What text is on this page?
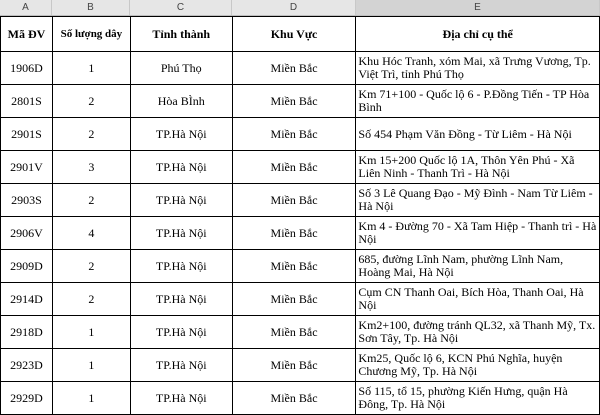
A	B	C	D	E
Mã ĐV	Số lượng dây	Tỉnh thành	Khu Vực	Địa chỉ cụ thể
1906D	1	Phú Thọ	Miền Bắc	Khu Hóc Tranh, xóm Mai, xã Trưng Vương, Tp. Việt Trì, tỉnh Phú Thọ
2801S	2	Hòa BÌnh	Miền Bắc	Km 71+100 - Quốc lộ 6 - P.Đồng Tiến - TP Hòa Bình
2901S	2	TP.Hà Nội	Miền Bắc	Số 454 Phạm Văn Đồng - Từ Liêm - Hà Nội
2901V	3	TP.Hà Nội	Miền Bắc	Km 15+200 Quốc lộ 1A, Thôn Yên Phú - Xã Liên Ninh - Thanh Trì - Hà Nội
2903S	2	TP.Hà Nội	Miền Bắc	Số 3 Lê Quang Đạo - Mỹ Đình - Nam Từ Liêm - Hà Nội
2906V	4	TP.Hà Nội	Miền Bắc	Km 4 - Đường 70 - Xã Tam Hiệp - Thanh trì - Hà Nội
2909D	2	TP.Hà Nội	Miền Bắc	685, đường Lĩnh Nam, phường Lĩnh Nam, Hoàng Mai, Hà Nội
2914D	2	TP.Hà Nội	Miền Bắc	Cụm CN Thanh Oai, Bích Hòa, Thanh Oai, Hà Nội
2918D	1	TP.Hà Nội	Miền Bắc	Km2+100, đường tránh QL32, xã Thanh Mỹ, Tx. Sơn Tây, Tp. Hà Nội
2923D	1	TP.Hà Nội	Miền Bắc	Km25, Quốc lộ 6, KCN Phú Nghĩa, huyện Chương Mỹ, Tp. Hà Nội
2929D	1	TP.Hà Nội	Miền Bắc	Số 115, tổ 15, phường Kiến Hưng, quận Hà Đông, Tp. Hà Nội
